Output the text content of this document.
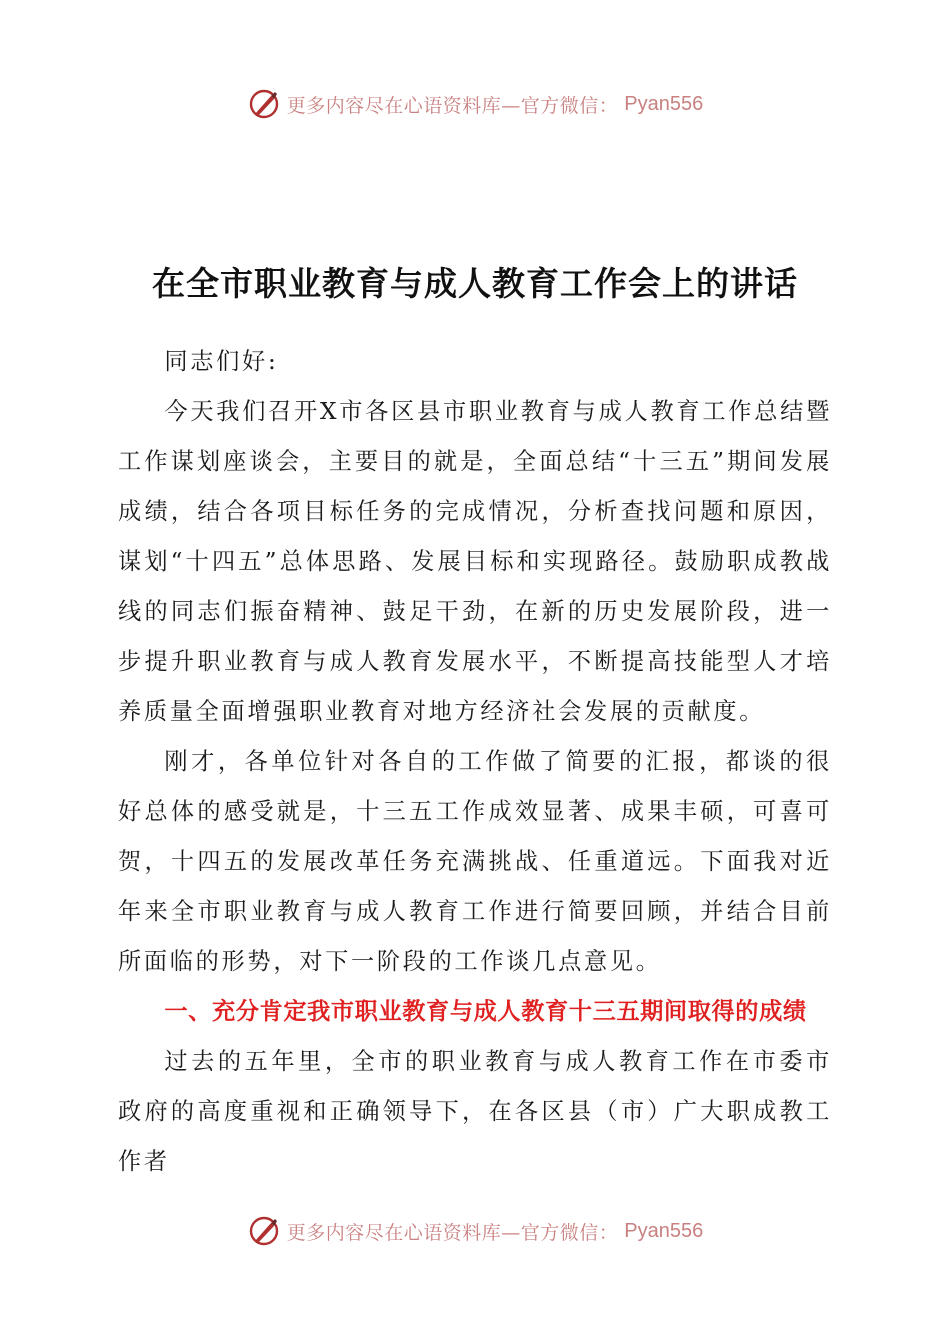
更多内容尽在心语资料库—官方微信： Pyan556
在全市职业教育与成人教育工作会上的讲话

同志们好:

今天我们召开X市各区县市职业教育与成人教育工作总结暨工作谋划座谈会，主要目的就是，全面总结“十三五”期间发展成绩，结合各项目标任务的完成情况，分析查找问题和原因，谋划“十四五”总体思路、发展目标和实现路径。鼓励职成教战线的同志们振奋精神、鼓足干劲，在新的历史发展阶段，进一步提升职业教育与成人教育发展水平，不断提高技能型人才培养质量全面增强职业教育对地方经济社会发展的贡献度。

刚才，各单位针对各自的工作做了简要的汇报，都谈的很好总体的感受就是，十三五工作成效显著、成果丰硕，可喜可贺，十四五的发展改革任务充满挑战、任重道远。下面我对近年来全市职业教育与成人教育工作进行简要回顾，并结合目前所面临的形势，对下一阶段的工作谈几点意见。

一、充分肯定我市职业教育与成人教育十三五期间取得的成绩

过去的五年里，全市的职业教育与成人教育工作在市委市政府的高度重视和正确领导下，在各区县（市）广大职成教工作者

更多内容尽在心语资料库—官方微信： Pyan556
